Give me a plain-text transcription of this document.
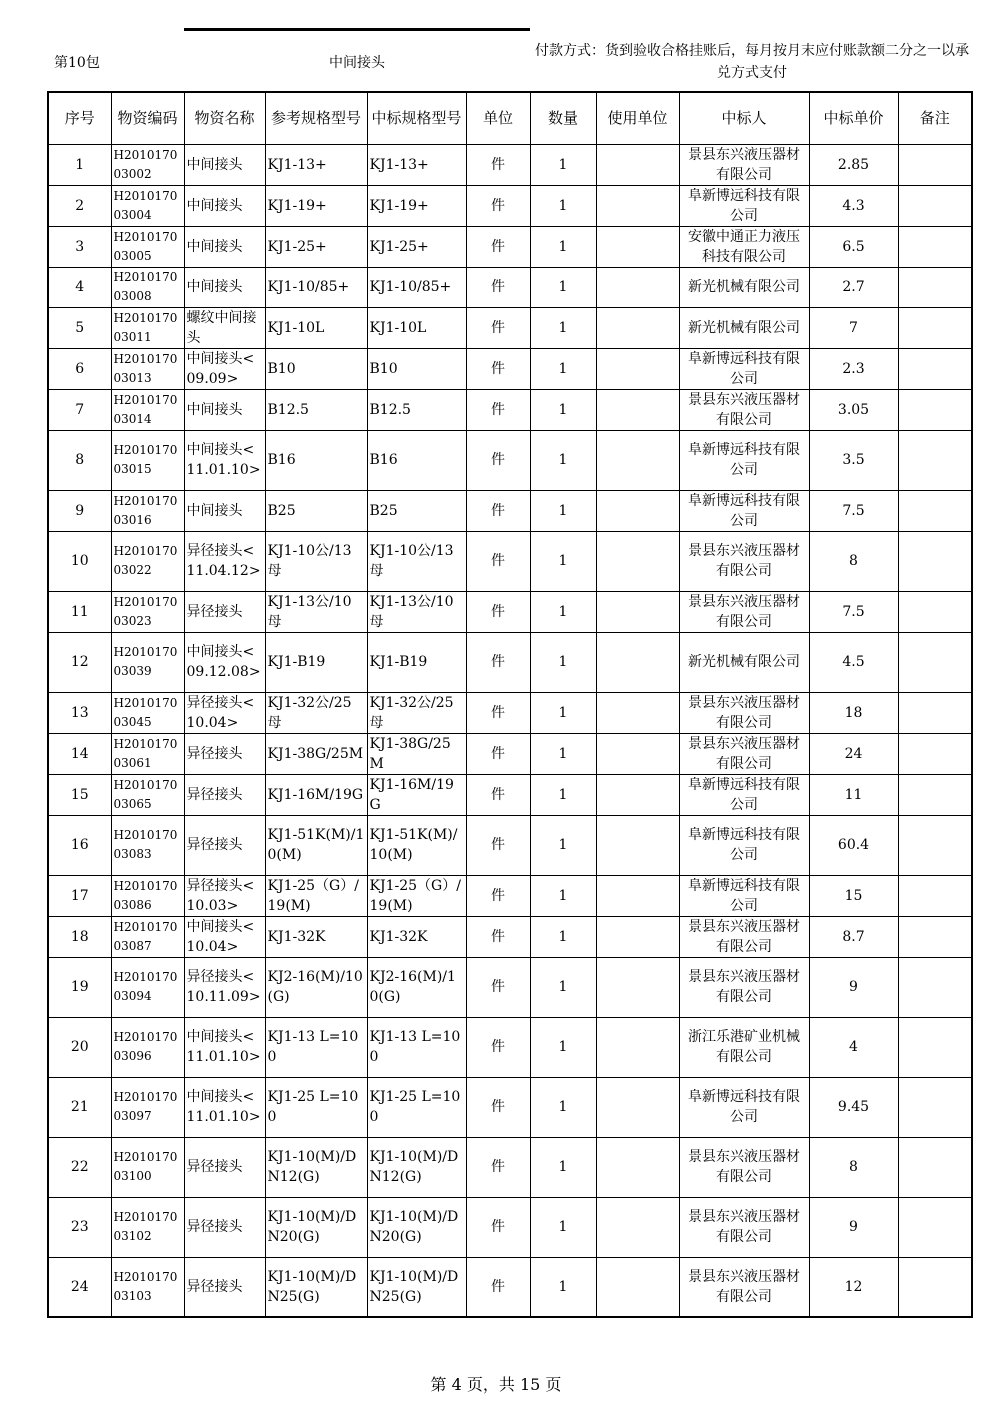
第10包	中间接头
付款方式：货到验收合格挂账后，每月按月末应付账款额二分之一以承兑方式支付
序号	物资编码	物资名称	参考规格型号	中标规格型号	单位	数量	使用单位	中标人	中标单价	备注
1	H201017003002	中间接头	KJ1-13+	KJ1-13+	件	1		景县东兴液压器材有限公司	2.85	
2	H201017003004	中间接头	KJ1-19+	KJ1-19+	件	1		阜新博远科技有限公司	4.3	
3	H201017003005	中间接头	KJ1-25+	KJ1-25+	件	1		安徽中通正力液压科技有限公司	6.5	
4	H201017003008	中间接头	KJ1-10/85+	KJ1-10/85+	件	1		新光机械有限公司	2.7	
5	H201017003011	螺纹中间接头	KJ1-10L	KJ1-10L	件	1		新光机械有限公司	7	
6	H201017003013	中间接头<09.09>	B10	B10	件	1		阜新博远科技有限公司	2.3	
7	H201017003014	中间接头	B12.5	B12.5	件	1		景县东兴液压器材有限公司	3.05	
8	H201017003015	中间接头<11.01.10>	B16	B16	件	1		阜新博远科技有限公司	3.5	
9	H201017003016	中间接头	B25	B25	件	1		阜新博远科技有限公司	7.5	
10	H201017003022	异径接头<11.04.12>	KJ1-10公/13母	KJ1-10公/13母	件	1		景县东兴液压器材有限公司	8	
11	H201017003023	异径接头	KJ1-13公/10母	KJ1-13公/10母	件	1		景县东兴液压器材有限公司	7.5	
12	H201017003039	中间接头<09.12.08>	KJ1-B19	KJ1-B19	件	1		新光机械有限公司	4.5	
13	H201017003045	异径接头<10.04>	KJ1-32公/25母	KJ1-32公/25母	件	1		景县东兴液压器材有限公司	18	
14	H201017003061	异径接头	KJ1-38G/25M	KJ1-38G/25M	件	1		景县东兴液压器材有限公司	24	
15	H201017003065	异径接头	KJ1-16M/19G	KJ1-16M/19G	件	1		阜新博远科技有限公司	11	
16	H201017003083	异径接头	KJ1-51K(M)/10(M)	KJ1-51K(M)/10(M)	件	1		阜新博远科技有限公司	60.4	
17	H201017003086	异径接头<10.03>	KJ1-25（G）/19(M)	KJ1-25（G）/19(M)	件	1		阜新博远科技有限公司	15	
18	H201017003087	中间接头<10.04>	KJ1-32K	KJ1-32K	件	1		景县东兴液压器材有限公司	8.7	
19	H201017003094	异径接头<10.11.09>	KJ2-16(M)/10(G)	KJ2-16(M)/10(G)	件	1		景县东兴液压器材有限公司	9	
20	H201017003096	中间接头<11.01.10>	KJ1-13 L=100	KJ1-13 L=100	件	1		浙江乐港矿业机械有限公司	4	
21	H201017003097	中间接头<11.01.10>	KJ1-25 L=100	KJ1-25 L=100	件	1		阜新博远科技有限公司	9.45	
22	H201017003100	异径接头	KJ1-10(M)/DN12(G)	KJ1-10(M)/DN12(G)	件	1		景县东兴液压器材有限公司	8	
23	H201017003102	异径接头	KJ1-10(M)/DN20(G)	KJ1-10(M)/DN20(G)	件	1		景县东兴液压器材有限公司	9	
24	H201017003103	异径接头	KJ1-10(M)/DN25(G)	KJ1-10(M)/DN25(G)	件	1		景县东兴液压器材有限公司	12	
第 4 页，共 15 页
